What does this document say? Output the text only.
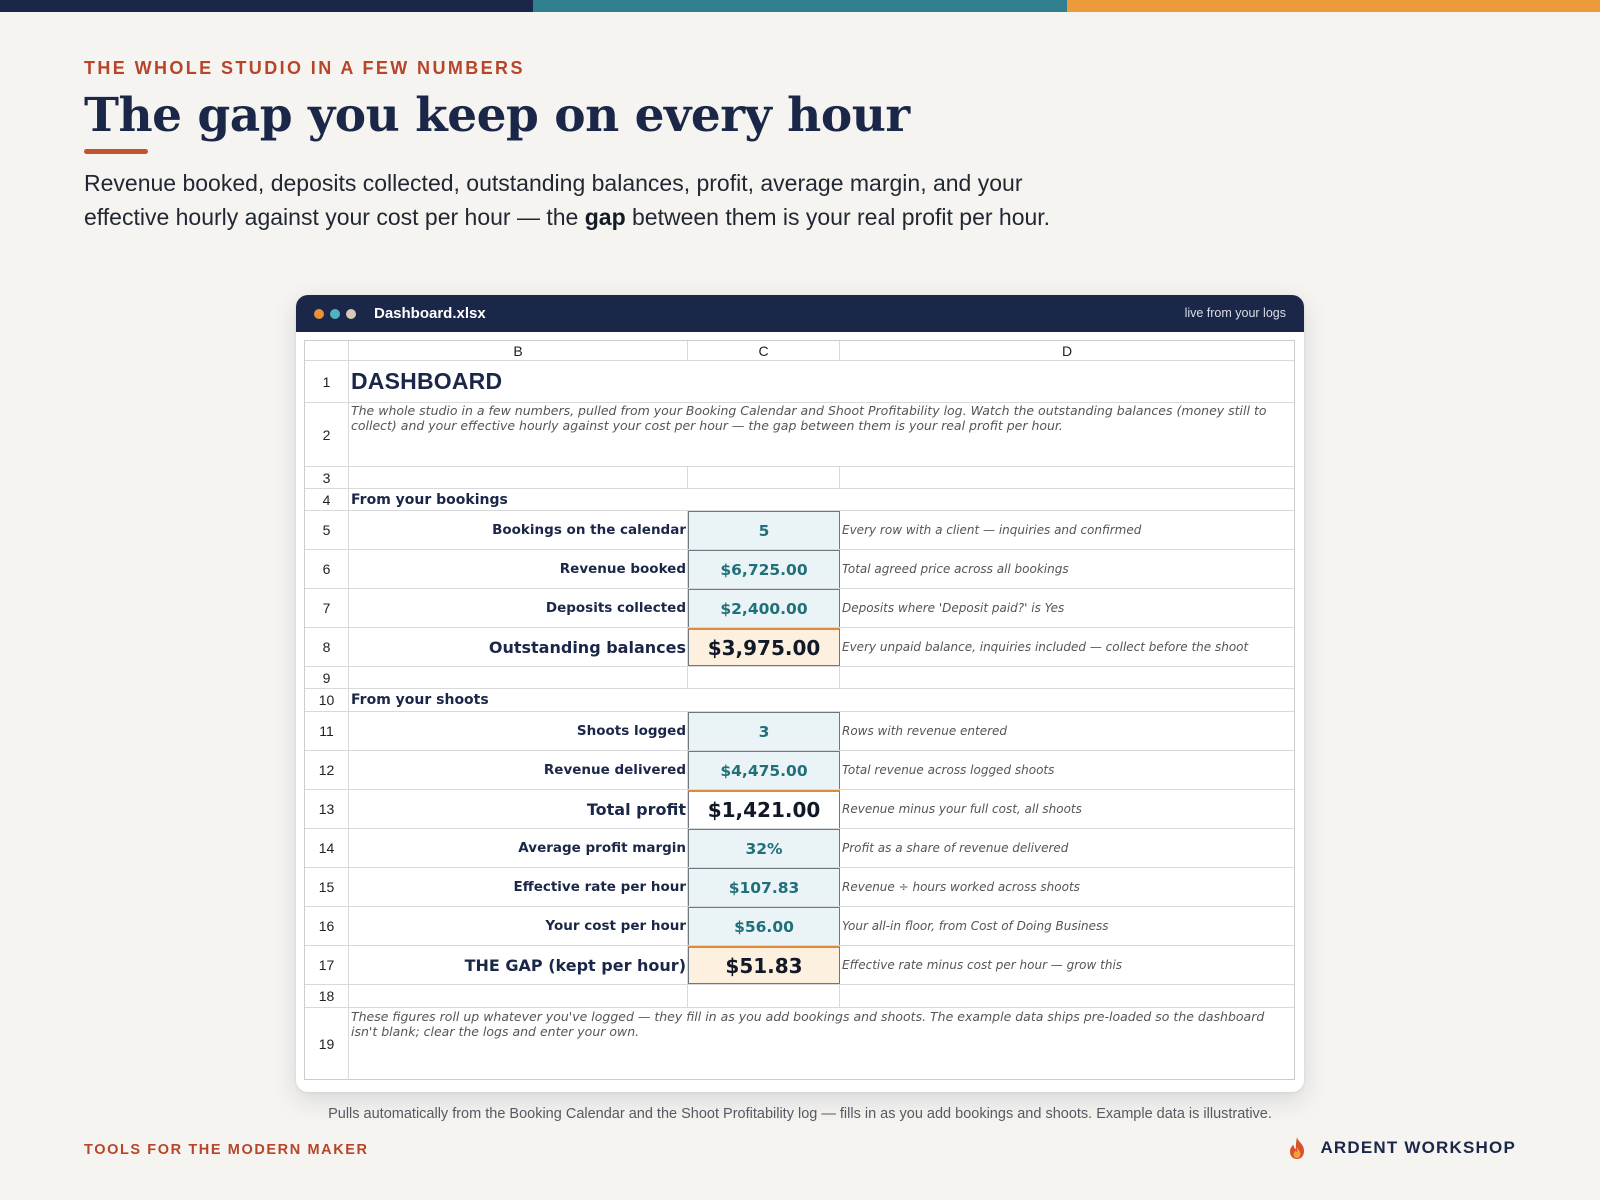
THE WHOLE STUDIO IN A FEW NUMBERS
The gap you keep on every hour

Revenue booked, deposits collected, outstanding balances, profit, average margin, and your effective hourly against your cost per hour — the gap between them is your real profit per hour.

Dashboard.xlsx	live from your logs
B	C	D
1 DASHBOARD
2
The whole studio in a few numbers, pulled from your Booking Calendar and Shoot Profitability log. Watch the outstanding balances (money still to collect) and your effective hourly against your cost per hour — the gap between them is your real profit per hour.
3
4	From your bookings
5	Bookings on the calendar	5	Every row with a client — inquiries and confirmed
6	Revenue booked	$6,725.00	Total agreed price across all bookings
7	Deposits collected	$2,400.00	Deposits where 'Deposit paid?' is Yes
8	Outstanding balances	$3,975.00	Every unpaid balance, inquiries included — collect before the shoot
9
10	From your shoots
11	Shoots logged	3	Rows with revenue entered
12	Revenue delivered	$4,475.00	Total revenue across logged shoots
13	Total profit	$1,421.00	Revenue minus your full cost, all shoots
14	Average profit margin	32%	Profit as a share of revenue delivered
15	Effective rate per hour	$107.83	Revenue ÷ hours worked across shoots
16	Your cost per hour	$56.00	Your all-in floor, from Cost of Doing Business
17	THE GAP (kept per hour)	$51.83	Effective rate minus cost per hour — grow this
18
19
These figures roll up whatever you've logged — they fill in as you add bookings and shoots. The example data ships pre-loaded so the dashboard isn't blank; clear the logs and enter your own.
Pulls automatically from the Booking Calendar and the Shoot Profitability log — fills in as you add bookings and shoots. Example data is illustrative.
TOOLS FOR THE MODERN MAKER	ARDENT WORKSHOP
